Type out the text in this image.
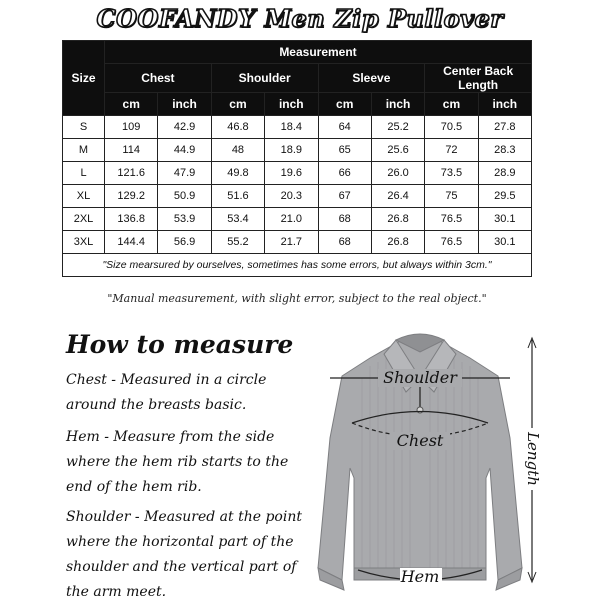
COOFANDY Men Zip Pullover
Size	Measurement							
	Chest		Shoulder		Sleeve		Center Back Length	
	cm	inch	cm	inch	cm	inch	cm	inch
S	109	42.9	46.8	18.4	64	25.2	70.5	27.8
M	114	44.9	48	18.9	65	25.6	72	28.3
L	121.6	47.9	49.8	19.6	66	26.0	73.5	28.9
XL	129.2	50.9	51.6	20.3	67	26.4	75	29.5
2XL	136.8	53.9	53.4	21.0	68	26.8	76.5	30.1
3XL	144.4	56.9	55.2	21.7	68	26.8	76.5	30.1
"Size mearsured by ourselves, sometimes has some errors, but always within 3cm."								
"Manual measurement, with slight error, subject to the real object."
How to measure
Chest - Measured in a circle around the breasts basic.
Hem - Measure from the side where the hem rib starts to the end of the hem rib.
Shoulder - Measured at the point where the horizontal part of the shoulder and the vertical part of the arm meet.
Shoulder
Chest
Hem
Length
